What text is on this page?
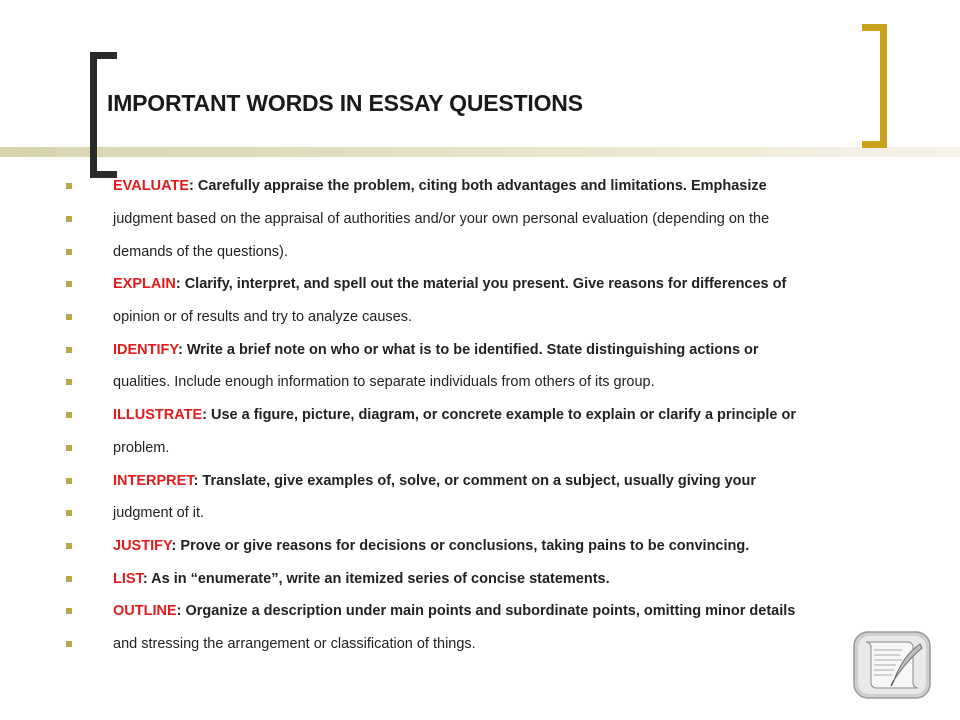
IMPORTANT WORDS IN ESSAY QUESTIONS
EVALUATE: Carefully appraise the problem, citing both advantages and limitations. Emphasize
judgment based on the appraisal of authorities and/or your own personal evaluation (depending on the
demands of the questions).
EXPLAIN: Clarify, interpret, and spell out the material you present. Give reasons for differences of
opinion or of results and try to analyze causes.
IDENTIFY: Write a brief note on who or what is to be identified. State distinguishing actions or
qualities. Include enough information to separate individuals from others of its group.
ILLUSTRATE: Use a figure, picture, diagram, or concrete example to explain or clarify a principle or
problem.
INTERPRET: Translate, give examples of, solve, or comment on a subject, usually giving your
judgment of it.
JUSTIFY: Prove or give reasons for decisions or conclusions, taking pains to be convincing.
LIST: As in “enumerate”, write an itemized series of concise statements.
OUTLINE: Organize a description under main points and subordinate points, omitting minor details
and stressing the arrangement or classification of things.
